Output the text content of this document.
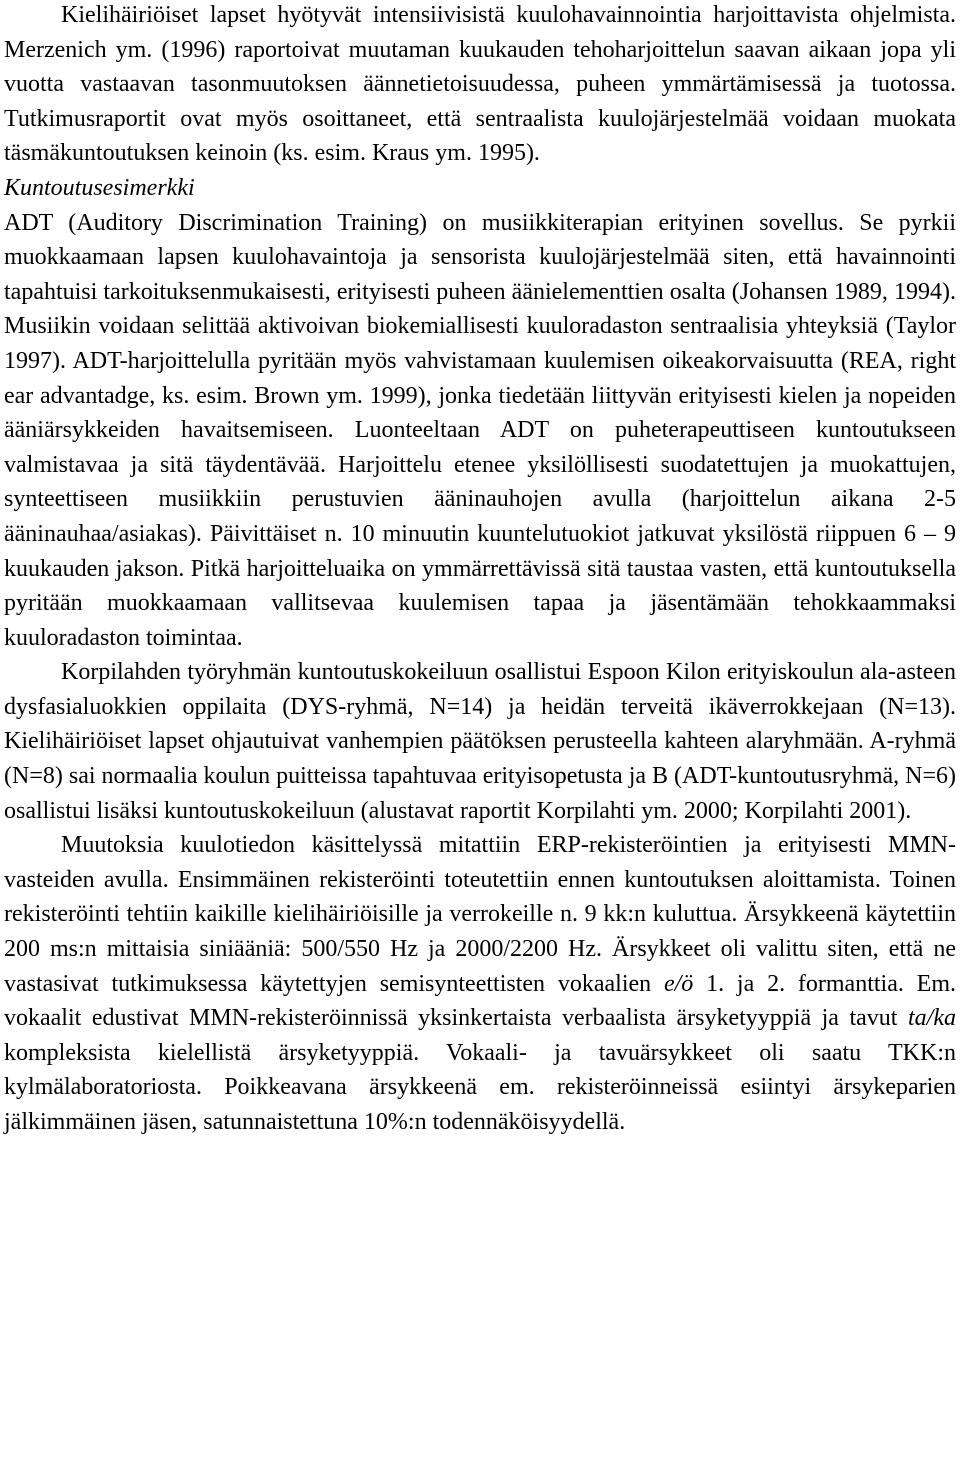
Kielihäiriöiset lapset hyötyvät intensiivisistä kuulohavainnointia harjoittavista ohjelmista. Merzenich ym. (1996) raportoivat muutaman kuukauden tehoharjoittelun saavan aikaan jopa yli vuotta vastaavan tasonmuutoksen äännetietoisuudessa, puheen ymmärtämisessä ja tuotossa. Tutkimusraportit ovat myös osoittaneet, että sentraalista kuulojärjestelmää voidaan muokata täsmäkuntoutuksen keinoin (ks. esim. Kraus ym. 1995).

Kuntoutusesimerkki

ADT (Auditory Discrimination Training) on musiikkiterapian erityinen sovellus. Se pyrkii muokkaamaan lapsen kuulohavaintoja ja sensorista kuulojärjestelmää siten, että havainnointi tapahtuisi tarkoituksenmukaisesti, erityisesti puheen äänielementtien osalta (Johansen 1989, 1994). Musiikin voidaan selittää aktivoivan biokemiallisesti kuuloradaston sentraalisia yhteyksiä (Taylor 1997). ADT-harjoittelulla pyritään myös vahvistamaan kuulemisen oikeakorvaisuutta (REA, right ear advantadge, ks. esim. Brown ym. 1999), jonka tiedetään liittyvän erityisesti kielen ja nopeiden ääniärsykkeiden havaitsemiseen. Luonteeltaan ADT on puheterapeuttiseen kuntoutukseen valmistavaa ja sitä täydentävää. Harjoittelu etenee yksilöllisesti suodatettujen ja muokattujen, synteettiseen musiikkiin perustuvien ääninauhojen avulla (harjoittelun aikana 2-5 ääninauhaa/asiakas). Päivittäiset n. 10 minuutin kuuntelutuokiot jatkuvat yksilöstä riippuen 6 – 9 kuukauden jakson. Pitkä harjoitteluaika on ymmärrettävissä sitä taustaa vasten, että kuntoutuksella pyritään muokkaamaan vallitsevaa kuulemisen tapaa ja jäsentämään tehokkaammaksi kuuloradaston toimintaa.

Korpilahden työryhmän kuntoutuskokeiluun osallistui Espoon Kilon erityiskoulun ala-asteen dysfasialuokkien oppilaita (DYS-ryhmä, N=14) ja heidän terveitä ikäverrokkejaan (N=13). Kielihäiriöiset lapset ohjautuivat vanhempien päätöksen perusteella kahteen alaryhmään. A-ryhmä (N=8) sai normaalia koulun puitteissa tapahtuvaa erityisopetusta ja B (ADT-kuntoutusryhmä, N=6) osallistui lisäksi kuntoutuskokeiluun (alustavat raportit Korpilahti ym. 2000; Korpilahti 2001).

Muutoksia kuulotiedon käsittelyssä mitattiin ERP-rekisteröintien ja erityisesti MMN-vasteiden avulla. Ensimmäinen rekisteröinti toteutettiin ennen kuntoutuksen aloittamista. Toinen rekisteröinti tehtiin kaikille kielihäiriöisille ja verrokeille n. 9 kk:n kuluttua. Ärsykkeenä käytettiin 200 ms:n mittaisia siniääniä: 500/550 Hz ja 2000/2200 Hz. Ärsykkeet oli valittu siten, että ne vastasivat tutkimuksessa käytettyjen semisynteettisten vokaalien e/ö 1. ja 2. formanttia. Em. vokaalit edustivat MMN-rekisteröinnissä yksinkertaista verbaalista ärsyketyyppiä ja tavut ta/ka kompleksista kielellistä ärsyketyyppiä. Vokaali- ja tavuärsykkeet oli saatu TKK:n kylmälaboratoriosta. Poikkeavana ärsykkeenä em. rekisteröinneissä esiintyi ärsykeparien jälkimmäinen jäsen, satunnaistettuna 10%:n todennäköisyydellä.
